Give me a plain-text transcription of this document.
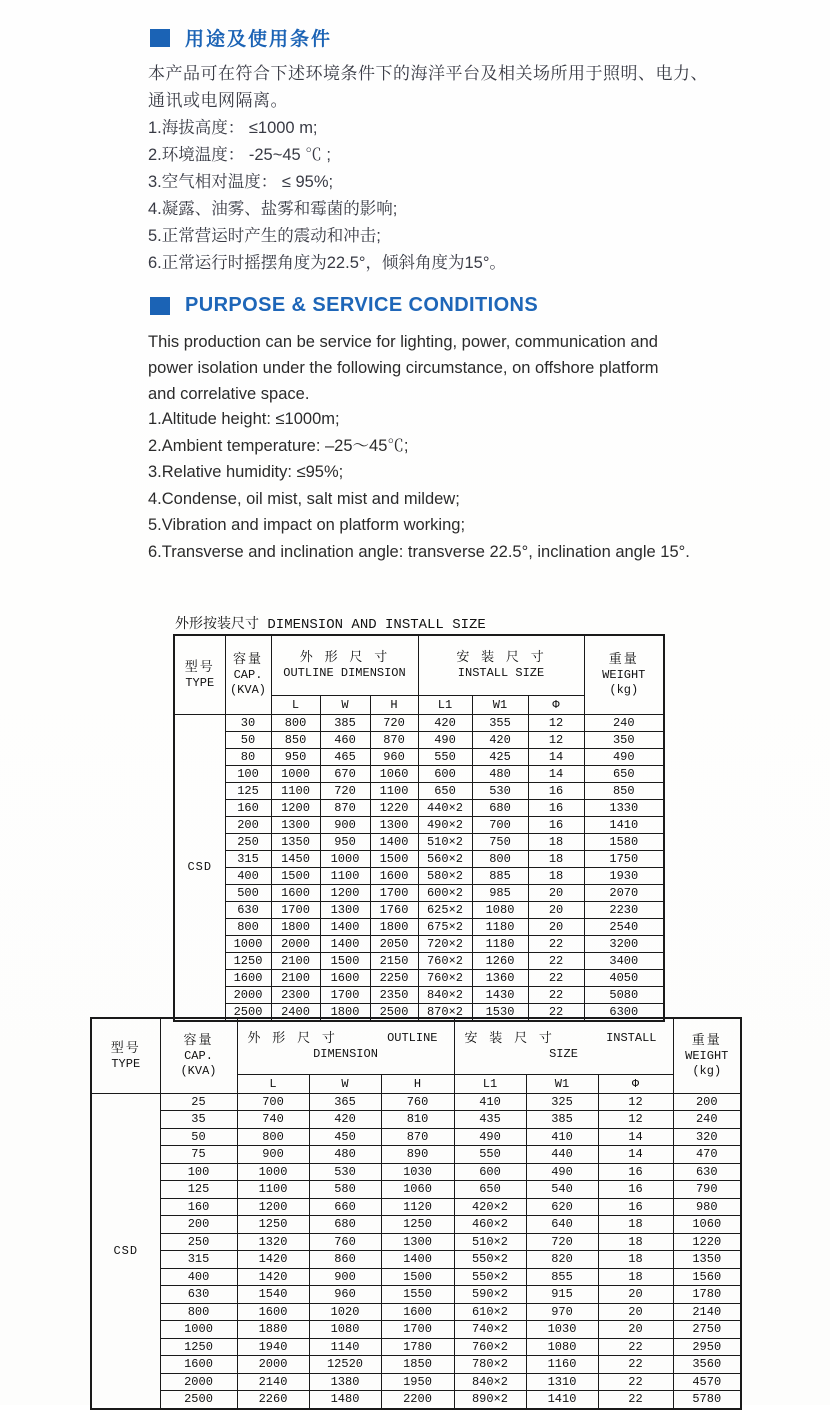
用途及使用条件
本产品可在符合下述环境条件下的海洋平台及相关场所用于照明、电力、通讯或电网隔离。
1.海拔高度： ≤1000 m;
2.环境温度： -25~45 ℃ ;
3.空气相对温度： ≤ 95%;
4.凝露、油雾、盐雾和霉菌的影响;
5.正常营运时产生的震动和冲击;
6.正常运行时摇摆角度为22.5°，倾斜角度为15°。
PURPOSE & SERVICE CONDITIONS
This production can be service for lighting, power, communication and power isolation under the following circumstance, on offshore platform and correlative space.
1.Altitude height: ≤1000m;
2.Ambient temperature: –25～45℃;
3.Relative humidity: ≤95%;
4.Condense, oil mist, salt mist and mildew;
5.Vibration and impact on platform working;
6.Transverse and inclination angle: transverse 22.5°, inclination angle 15°.
外形按装尺寸 DIMENSION AND INSTALL SIZE
型号
TYPE

容量
CAP.
(KVA)

外 形 尺 寸
OUTLINE DIMENSION

安 装 尺 寸
INSTALL SIZE

重量
WEIGHT
(kg)

		L	W	H	L1	W1	Φ	
CSD	30	800	385	720	420	355	12	240
	50	850	460	870	490	420	12	350
	80	950	465	960	550	425	14	490
	100	1000	670	1060	600	480	14	650
	125	1100	720	1100	650	530	16	850
	160	1200	870	1220	440×2	680	16	1330
	200	1300	900	1300	490×2	700	16	1410
	250	1350	950	1400	510×2	750	18	1580
	315	1450	1000	1500	560×2	800	18	1750
	400	1500	1100	1600	580×2	885	18	1930
	500	1600	1200	1700	600×2	985	20	2070
	630	1700	1300	1760	625×2	1080	20	2230
	800	1800	1400	1800	675×2	1180	20	2540
	1000	2000	1400	2050	720×2	1180	22	3200
	1250	2100	1500	2150	760×2	1260	22	3400
	1600	2100	1600	2250	760×2	1360	22	4050
	2000	2300	1700	2350	840×2	1430	22	5080
	2500	2400	1800	2500	870×2	1530	22	6300
型号
TYPE

容量
CAP.
(KVA)

外 形 尺 寸	OUTLINE
DIMENSION

安 装 尺 寸	INSTALL
SIZE

重量
WEIGHT
(kg)

		L	W	H	L1	W1	Φ	
CSD	25	700	365	760	410	325	12	200
	35	740	420	810	435	385	12	240
	50	800	450	870	490	410	14	320
	75	900	480	890	550	440	14	470
	100	1000	530	1030	600	490	16	630
	125	1100	580	1060	650	540	16	790
	160	1200	660	1120	420×2	620	16	980
	200	1250	680	1250	460×2	640	18	1060
	250	1320	760	1300	510×2	720	18	1220
	315	1420	860	1400	550×2	820	18	1350
	400	1420	900	1500	550×2	855	18	1560
	630	1540	960	1550	590×2	915	20	1780
	800	1600	1020	1600	610×2	970	20	2140
	1000	1880	1080	1700	740×2	1030	20	2750
	1250	1940	1140	1780	760×2	1080	22	2950
	1600	2000	12520	1850	780×2	1160	22	3560
	2000	2140	1380	1950	840×2	1310	22	4570
	2500	2260	1480	2200	890×2	1410	22	5780
